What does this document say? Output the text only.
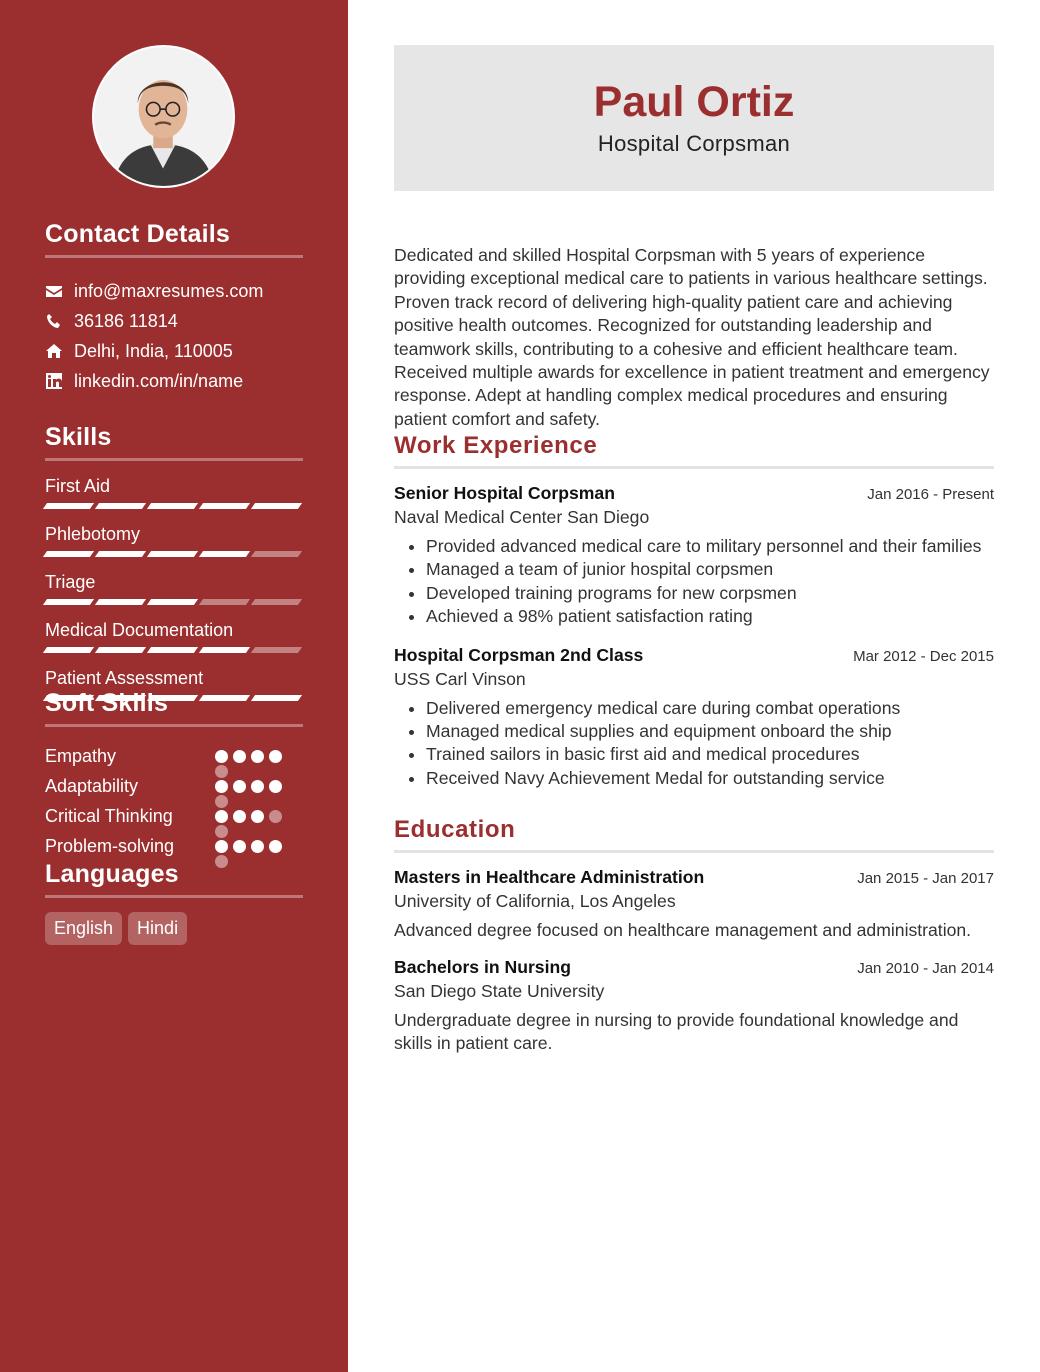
Contact Details
info@maxresumes.com
36186 11814
Delhi, India, 110005
linkedin.com/in/name
Skills
First Aid
Phlebotomy
Triage
Medical Documentation
Patient Assessment
Soft Skills
Empathy
Adaptability
Critical Thinking
Problem-solving
Languages
English	Hindi
Paul Ortiz
Hospital Corpsman

Dedicated and skilled Hospital Corpsman with 5 years of experience providing exceptional medical care to patients in various healthcare settings. Proven track record of delivering high-quality patient care and achieving positive health outcomes. Recognized for outstanding leadership and teamwork skills, contributing to a cohesive and efficient healthcare team. Received multiple awards for excellence in patient treatment and emergency response. Adept at handling complex medical procedures and ensuring patient comfort and safety.

Work Experience
Senior Hospital Corpsman	Jan 2016 - Present
Naval Medical Center San Diego
• Provided advanced medical care to military personnel and their families
• Managed a team of junior hospital corpsmen
• Developed training programs for new corpsmen
• Achieved a 98% patient satisfaction rating
Hospital Corpsman 2nd Class	Mar 2012 - Dec 2015
USS Carl Vinson
• Delivered emergency medical care during combat operations
• Managed medical supplies and equipment onboard the ship
• Trained sailors in basic first aid and medical procedures
• Received Navy Achievement Medal for outstanding service
Education
Masters in Healthcare Administration	Jan 2015 - Jan 2017
University of California, Los Angeles

Advanced degree focused on healthcare management and administration.

Bachelors in Nursing	Jan 2010 - Jan 2014
San Diego State University

Undergraduate degree in nursing to provide foundational knowledge and skills in patient care.
